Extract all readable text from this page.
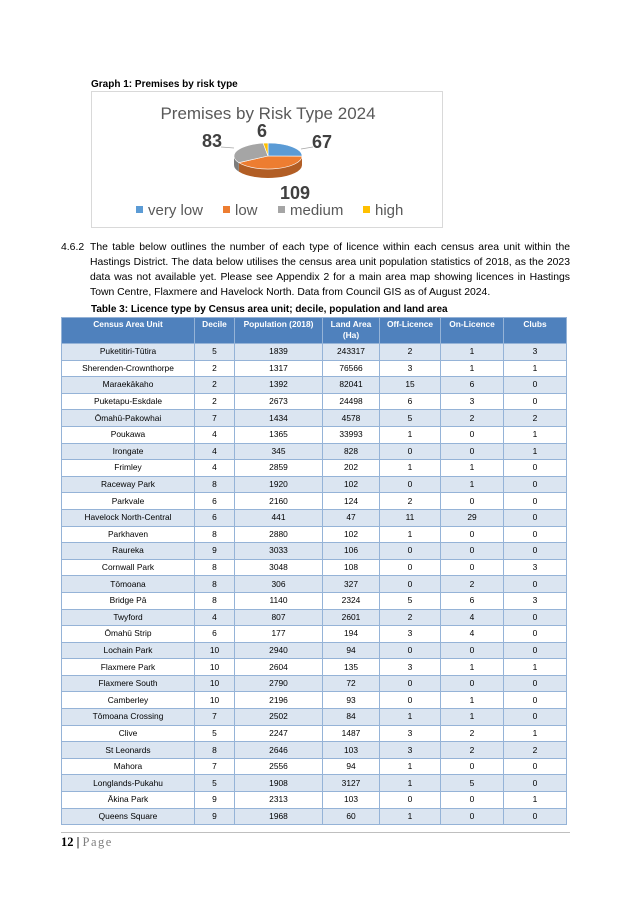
Graph 1: Premises by risk type
Premises by Risk Type 2024
67
109
83 6
very low low medium high
4.6.2 The table below outlines the number of each type of licence within each census area unit within the Hastings District. The data below utilises the census area unit population statistics of 2018, as the 2023 data was not available yet. Please see Appendix 2 for a main area map showing licences in Hastings Town Centre, Flaxmere and Havelock North. Data from Council GIS as of August 2024.
Table 3: Licence type by Census area unit; decile, population and land area
Census Area Unit	Decile	Population (2018)	Land Area (Ha)	Off-Licence	On-Licence	Clubs
Puketitiri-Tūtira	5	1839	243317	2	1	3
Sherenden-Crownthorpe	2	1317	76566	3	1	1
Maraekākaho	2	1392	82041	15	6	0
Puketapu-Eskdale	2	2673	24498	6	3	0
Ōmahū-Pakowhai	7	1434	4578	5	2	2
Poukawa	4	1365	33993	1	0	1
Irongate	4	345	828	0	0	1
Frimley	4	2859	202	1	1	0
Raceway Park	8	1920	102	0	1	0
Parkvale	6	2160	124	2	0	0
Havelock North-Central	6	441	47	11	29	0
Parkhaven	8	2880	102	1	0	0
Raureka	9	3033	106	0	0	0
Cornwall Park	8	3048	108	0	0	3
Tōmoana	8	306	327	0	2	0
Bridge Pā	8	1140	2324	5	6	3
Twyford	4	807	2601	2	4	0
Ōmahū Strip	6	177	194	3	4	0
Lochain Park	10	2940	94	0	0	0
Flaxmere Park	10	2604	135	3	1	1
Flaxmere South	10	2790	72	0	0	0
Camberley	10	2196	93	0	1	0
Tōmoana Crossing	7	2502	84	1	1	0
Clive	5	2247	1487	3	2	1
St Leonards	8	2646	103	3	2	2
Mahora	7	2556	94	1	0	0
Longlands-Pukahu	5	1908	3127	1	5	0
Ākina Park	9	2313	103	0	0	1
Queens Square	9	1968	60	1	0	0
12 | Page
